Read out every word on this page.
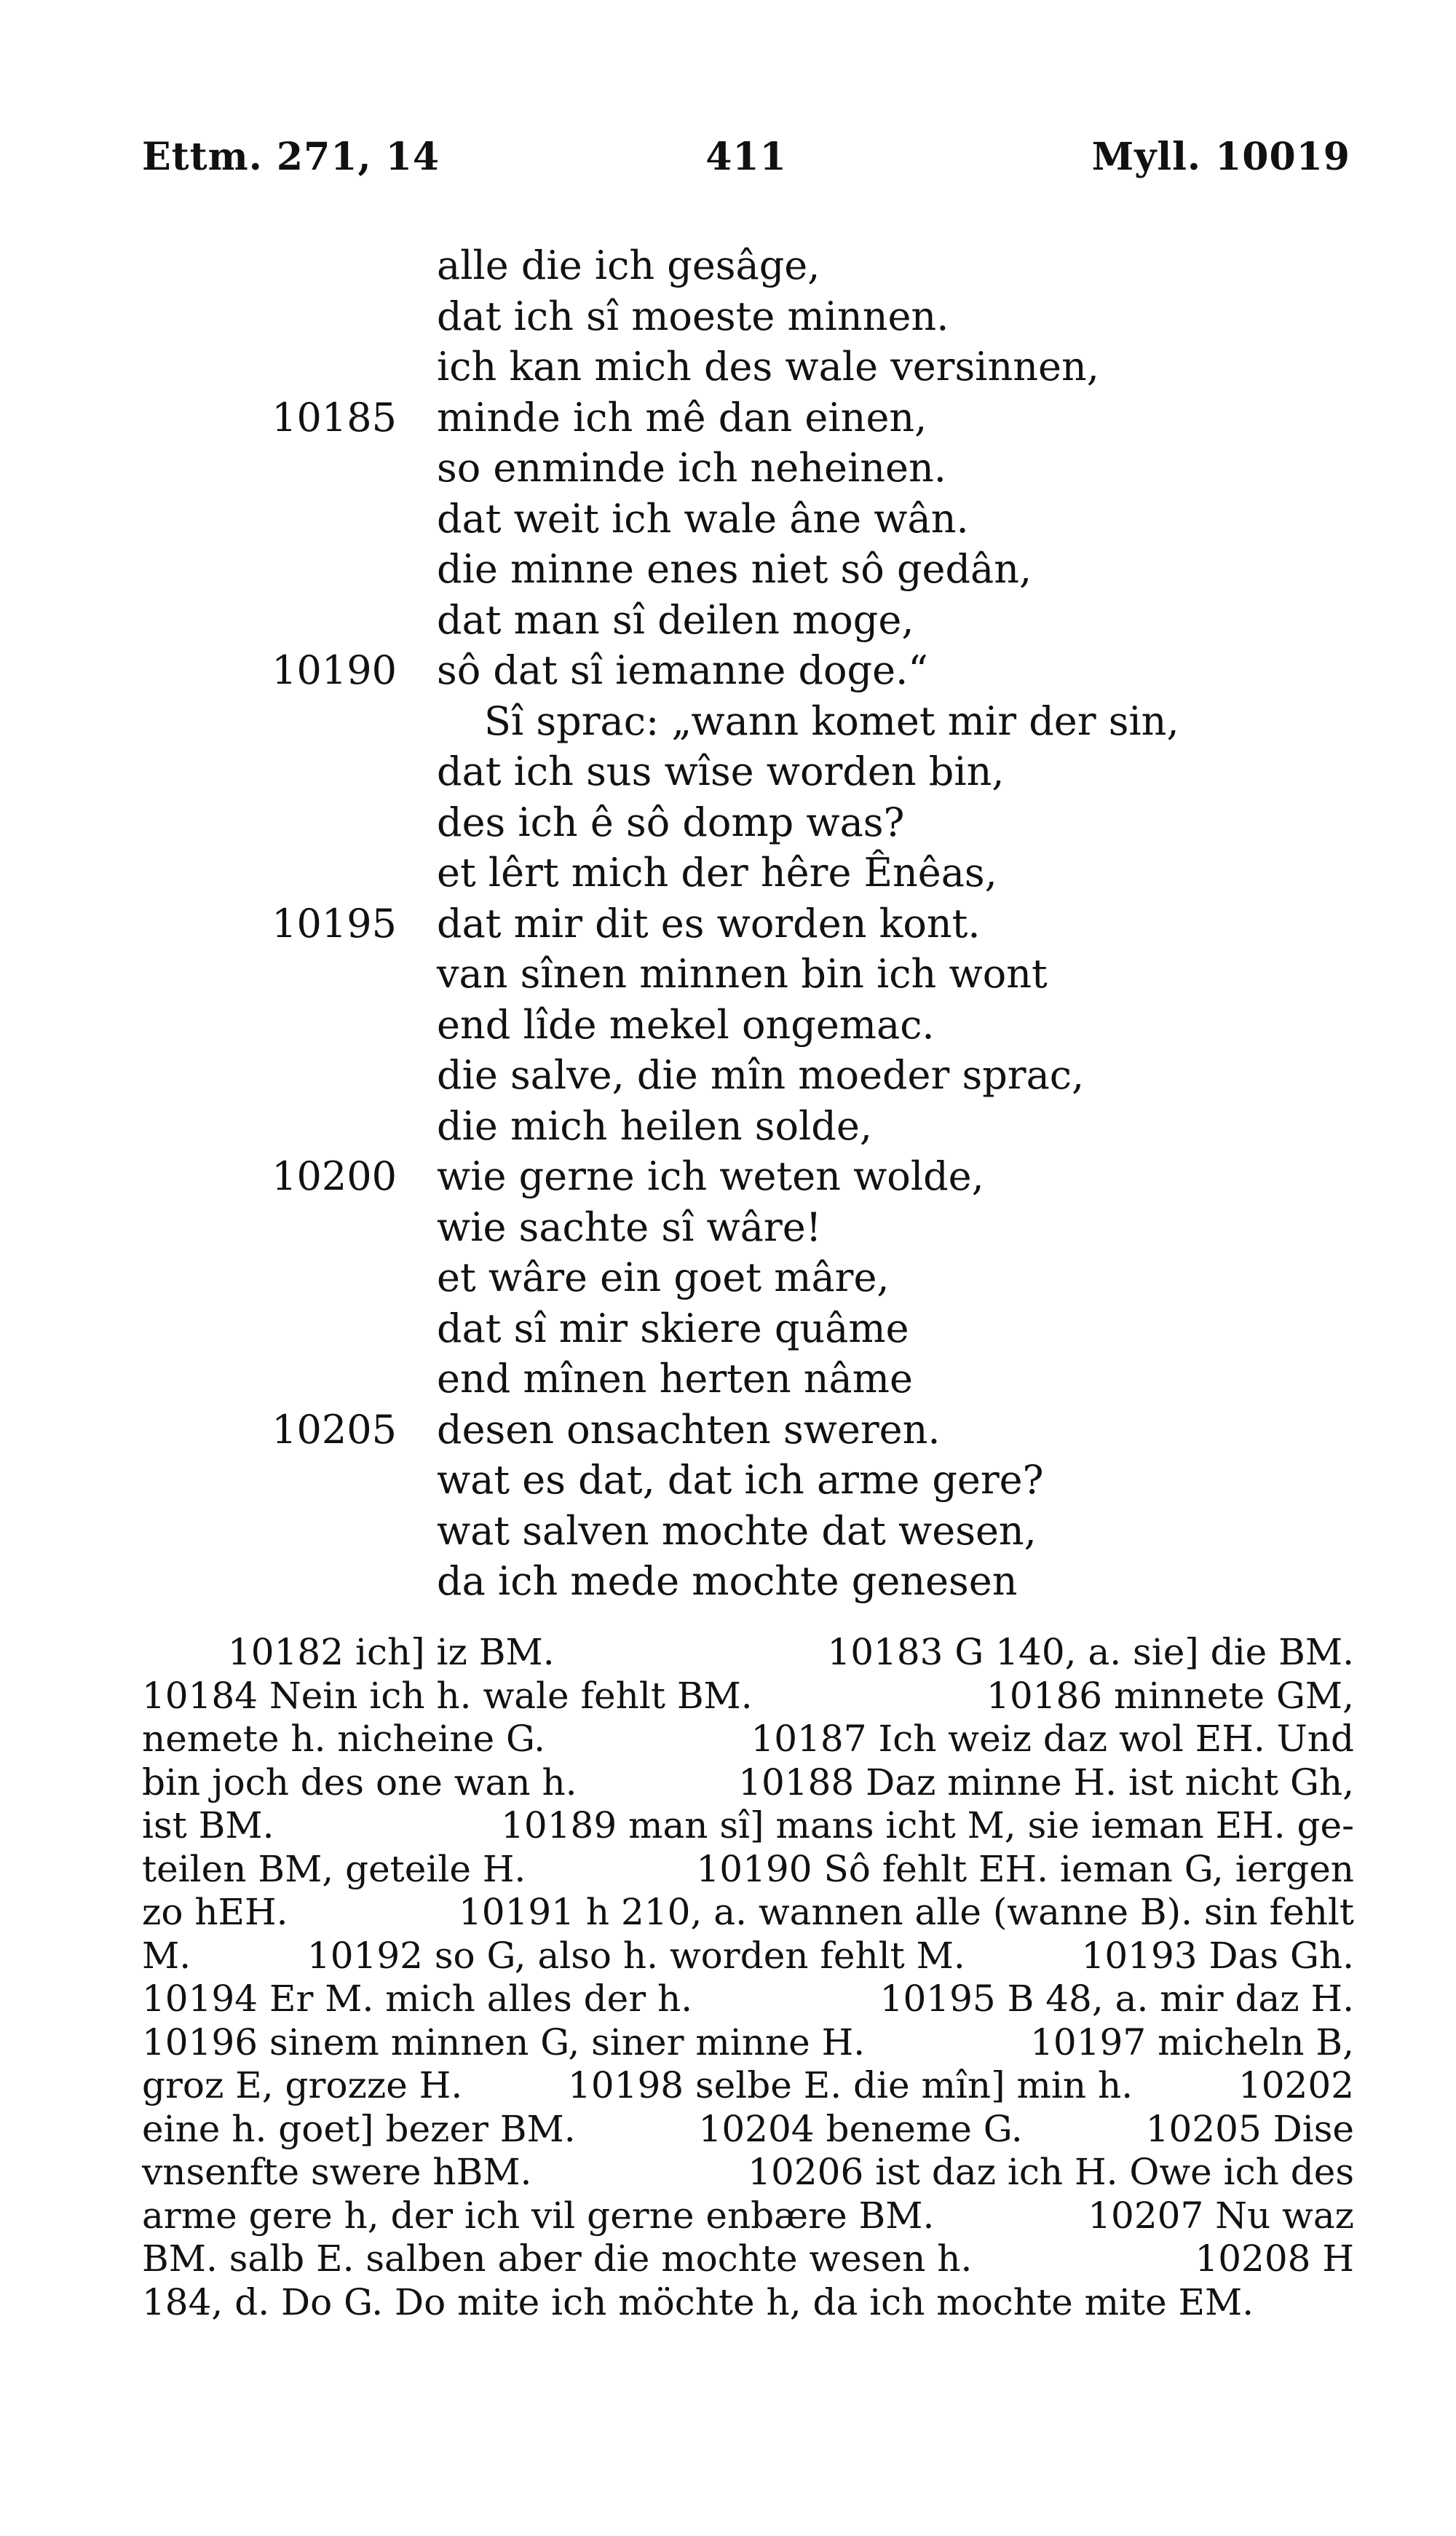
Ettm. 271, 14	411	Myll. 10019
alle die ich gesâge,
dat ich sî moeste minnen.
ich kan mich des wale versinnen,
10185 minde ich mê dan einen,
so enminde ich neheinen.
dat weit ich wale âne wân.
die minne enes niet sô gedân,
dat man sî deilen moge,
10190 sô dat sî iemanne doge.“
Sî sprac: „wann komet mir der sin,
dat ich sus wîse worden bin,
des ich ê sô domp was?
et lêrt mich der hêre Ênêas,
10195 dat mir dit es worden kont.
van sînen minnen bin ich wont
end lîde mekel ongemac.
die salve, die mîn moeder sprac,
die mich heilen solde,
10200 wie gerne ich weten wolde,
wie sachte sî wâre!
et wâre ein goet mâre,
dat sî mir skiere quâme
end mînen herten nâme
10205 desen onsachten sweren.
wat es dat, dat ich arme gere?
wat salven mochte dat wesen,
da ich mede mochte genesen
10182 ich] iz BM.	10183 G 140, a. sie] die BM.
10184 Nein ich h. wale fehlt BM.	10186 minnete GM,
nemete h. nicheine G.	10187 Ich weiz daz wol EH. Und
bin joch des one wan h.	10188 Daz minne H. ist nicht Gh,
ist BM.	10189 man sî] mans icht M, sie ieman EH. ge-
teilen BM, geteile H.	10190 Sô fehlt EH. ieman G, iergen
zo hEH.	10191 h 210, a. wannen alle (wanne B). sin fehlt
M.	10192 so G, also h. worden fehlt M.	10193 Das Gh.
10194 Er M. mich alles der h.	10195 B 48, a. mir daz H.
10196 sinem minnen G, siner minne H.	10197 micheln B,
groz E, grozze H.	10198 selbe E. die mîn] min h.	10202
eine h. goet] bezer BM.	10204 beneme G.	10205 Dise
vnsenfte swere hBM.	10206 ist daz ich H. Owe ich des
arme gere h, der ich vil gerne enbære BM.	10207 Nu waz
BM. salb E. salben aber die mochte wesen h.	10208 H
184, d. Do G. Do mite ich möchte h, da ich mochte mite EM.
